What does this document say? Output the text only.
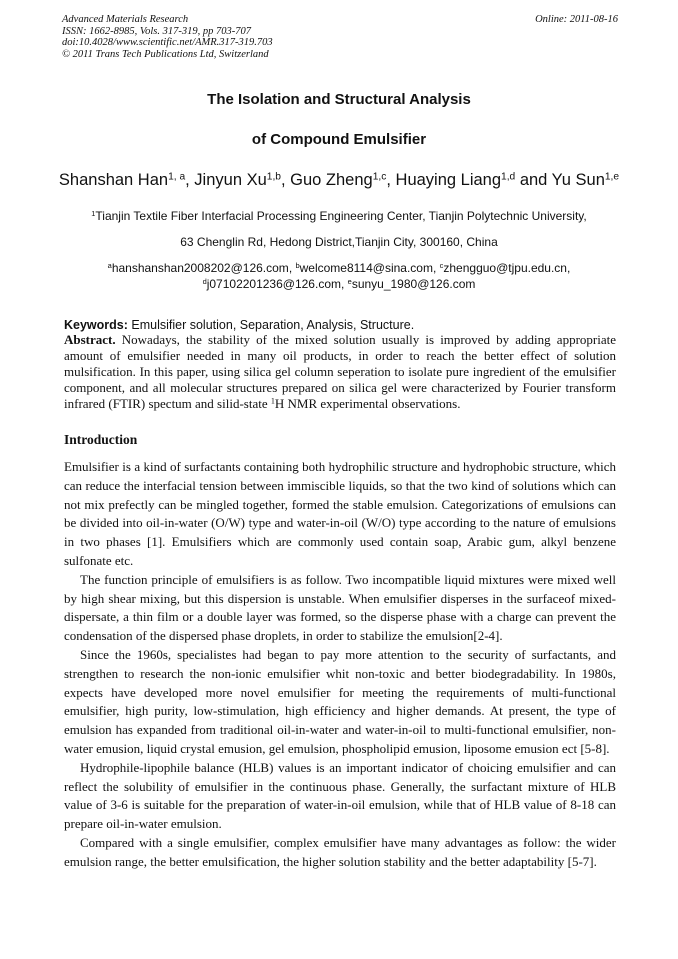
Advanced Materials Research
ISSN: 1662-8985, Vols. 317-319, pp 703-707
doi:10.4028/www.scientific.net/AMR.317-319.703
© 2011 Trans Tech Publications Ltd, Switzerland
Online: 2011-08-16
The Isolation and Structural Analysis
of Compound Emulsifier
Shanshan Han$^{1, a}$, Jinyun Xu$^{1,b}$, Guo Zheng$^{1,c}$, Huaying Liang$^{1,d}$ and Yu Sun$^{1,e}$
$^1$Tianjin Textile Fiber Interfacial Processing Engineering Center, Tianjin Polytechnic University,
63 Chenglin Rd, Hedong District,Tianjin City, 300160, China
$^a$hanshanshan2008202@126.com, $^b$welcome8114@sina.com, $^c$zhengguo@tjpu.edu.cn,
$^d$j07102201236@126.com, $^e$sunyu_1980@126.com
Keywords: Emulsifier solution, Separation, Analysis, Structure.
Abstract. Nowadays, the stability of the mixed solution usually is improved by adding appropriate amount of emulsifier needed in many oil products, in order to reach the better effect of solution mulsification. In this paper, using silica gel column seperation to isolate pure ingredient of the emulsifier component, and all molecular structures prepared on silica gel were characterized by Fourier transform infrared (FTIR) spectum and silid-state $^1$H NMR experimental observations.
Introduction

Emulsifier is a kind of surfactants containing both hydrophilic structure and hydrophobic structure, which can reduce the interfacial tension between immiscible liquids, so that the two kind of solutions which can not mix prefectly can be mingled together, formed the stable emulsion. Categorizations of emulsions can be divided into oil-in-water (O/W) type and water-in-oil (W/O) type according to the nature of emulsions in two phases [1]. Emulsifiers which are commonly used contain soap, Arabic gum, alkyl benzene sulfonate etc.

The function principle of emulsifiers is as follow. Two incompatible liquid mixtures were mixed well by high shear mixing, but this dispersion is unstable. When emulsifier disperses in the surfaceof mixed-dispersate, a thin film or a double layer was formed, so the disperse phase with a charge can prevent the condensation of the dispersed phase droplets, in order to stabilize the emulsion[2-4].

Since the 1960s, specialistes had began to pay more attention to the security of surfactants, and strengthen to research the non-ionic emulsifier whit non-toxic and better biodegradability. In 1980s, expects have developed more novel emulsifier for meeting the requirements of multi-functional emulsifier, high purity, low-stimulation, high efficiency and higher demands. At present, the type of emulsion has expanded from traditional oil-in-water and water-in-oil to multi-functional emulsifier, non-water emusion, liquid crystal emusion, gel emulsion, phospholipid emusion, liposome emusion ect [5-8].

Hydrophile-lipophile balance (HLB) values is an important indicator of choicing emulsifier and can reflect the solubility of emulsifier in the continuous phase. Generally, the surfactant mixture of HLB value of 3-6 is suitable for the preparation of water-in-oil emulsion, while that of HLB value of 8-18 can prepare oil-in-water emulsion.

Compared with a single emulsifier, complex emulsifier have many advantages as follow: the wider emulsion range, the better emulsification, the higher solution stability and the better adaptability [5-7].
